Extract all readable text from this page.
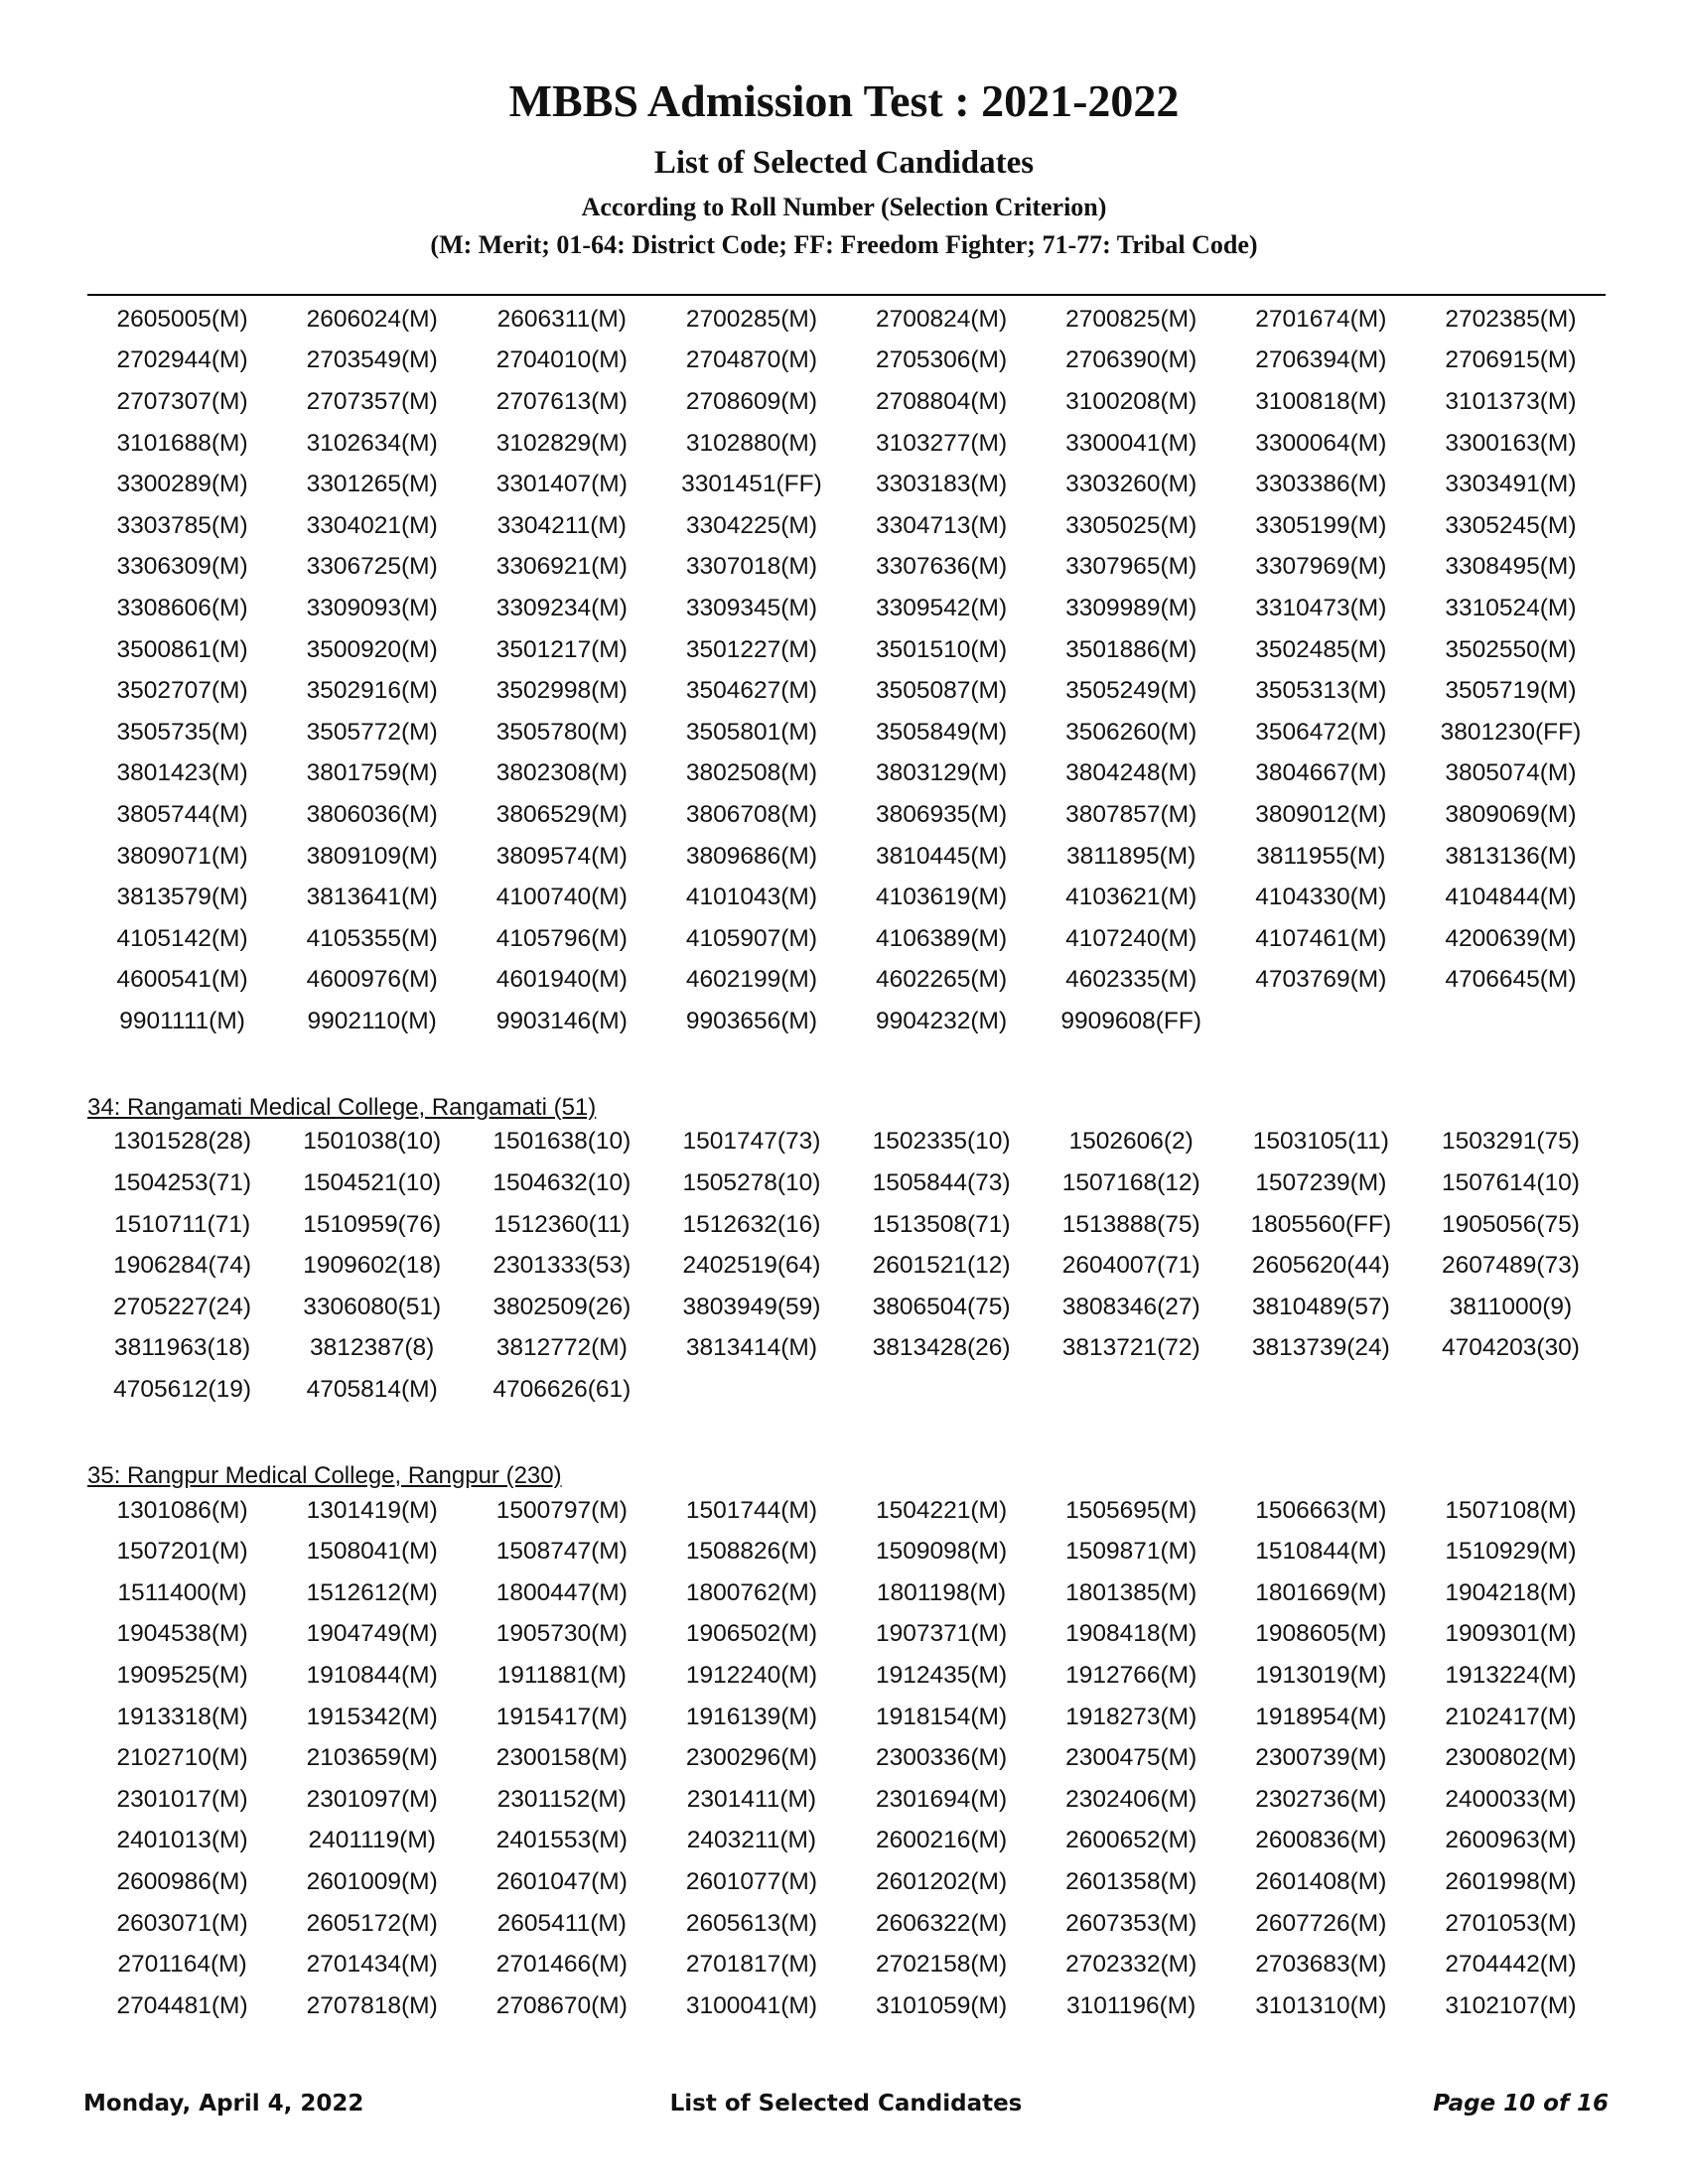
MBBS Admission Test : 2021-2022
List of Selected Candidates
According to Roll Number (Selection Criterion)
(M: Merit; 01-64: District Code; FF: Freedom Fighter; 71-77: Tribal Code)
2605005(M)	2606024(M)	2606311(M)	2700285(M)	2700824(M)	2700825(M)	2701674(M)	2702385(M)
2702944(M)	2703549(M)	2704010(M)	2704870(M)	2705306(M)	2706390(M)	2706394(M)	2706915(M)
2707307(M)	2707357(M)	2707613(M)	2708609(M)	2708804(M)	3100208(M)	3100818(M)	3101373(M)
3101688(M)	3102634(M)	3102829(M)	3102880(M)	3103277(M)	3300041(M)	3300064(M)	3300163(M)
3300289(M)	3301265(M)	3301407(M)	3301451(FF)	3303183(M)	3303260(M)	3303386(M)	3303491(M)
3303785(M)	3304021(M)	3304211(M)	3304225(M)	3304713(M)	3305025(M)	3305199(M)	3305245(M)
3306309(M)	3306725(M)	3306921(M)	3307018(M)	3307636(M)	3307965(M)	3307969(M)	3308495(M)
3308606(M)	3309093(M)	3309234(M)	3309345(M)	3309542(M)	3309989(M)	3310473(M)	3310524(M)
3500861(M)	3500920(M)	3501217(M)	3501227(M)	3501510(M)	3501886(M)	3502485(M)	3502550(M)
3502707(M)	3502916(M)	3502998(M)	3504627(M)	3505087(M)	3505249(M)	3505313(M)	3505719(M)
3505735(M)	3505772(M)	3505780(M)	3505801(M)	3505849(M)	3506260(M)	3506472(M)	3801230(FF)
3801423(M)	3801759(M)	3802308(M)	3802508(M)	3803129(M)	3804248(M)	3804667(M)	3805074(M)
3805744(M)	3806036(M)	3806529(M)	3806708(M)	3806935(M)	3807857(M)	3809012(M)	3809069(M)
3809071(M)	3809109(M)	3809574(M)	3809686(M)	3810445(M)	3811895(M)	3811955(M)	3813136(M)
3813579(M)	3813641(M)	4100740(M)	4101043(M)	4103619(M)	4103621(M)	4104330(M)	4104844(M)
4105142(M)	4105355(M)	4105796(M)	4105907(M)	4106389(M)	4107240(M)	4107461(M)	4200639(M)
4600541(M)	4600976(M)	4601940(M)	4602199(M)	4602265(M)	4602335(M)	4703769(M)	4706645(M)
9901111(M)	9902110(M)	9903146(M)	9903656(M)	9904232(M)	9909608(FF)
34: Rangamati Medical College, Rangamati (51)
1301528(28)	1501038(10)	1501638(10)	1501747(73)	1502335(10)	1502606(2)	1503105(11)	1503291(75)
1504253(71)	1504521(10)	1504632(10)	1505278(10)	1505844(73)	1507168(12)	1507239(M)	1507614(10)
1510711(71)	1510959(76)	1512360(11)	1512632(16)	1513508(71)	1513888(75)	1805560(FF)	1905056(75)
1906284(74)	1909602(18)	2301333(53)	2402519(64)	2601521(12)	2604007(71)	2605620(44)	2607489(73)
2705227(24)	3306080(51)	3802509(26)	3803949(59)	3806504(75)	3808346(27)	3810489(57)	3811000(9)
3811963(18)	3812387(8)	3812772(M)	3813414(M)	3813428(26)	3813721(72)	3813739(24)	4704203(30)
4705612(19)	4705814(M)	4706626(61)
35: Rangpur Medical College, Rangpur (230)
1301086(M)	1301419(M)	1500797(M)	1501744(M)	1504221(M)	1505695(M)	1506663(M)	1507108(M)
1507201(M)	1508041(M)	1508747(M)	1508826(M)	1509098(M)	1509871(M)	1510844(M)	1510929(M)
1511400(M)	1512612(M)	1800447(M)	1800762(M)	1801198(M)	1801385(M)	1801669(M)	1904218(M)
1904538(M)	1904749(M)	1905730(M)	1906502(M)	1907371(M)	1908418(M)	1908605(M)	1909301(M)
1909525(M)	1910844(M)	1911881(M)	1912240(M)	1912435(M)	1912766(M)	1913019(M)	1913224(M)
1913318(M)	1915342(M)	1915417(M)	1916139(M)	1918154(M)	1918273(M)	1918954(M)	2102417(M)
2102710(M)	2103659(M)	2300158(M)	2300296(M)	2300336(M)	2300475(M)	2300739(M)	2300802(M)
2301017(M)	2301097(M)	2301152(M)	2301411(M)	2301694(M)	2302406(M)	2302736(M)	2400033(M)
2401013(M)	2401119(M)	2401553(M)	2403211(M)	2600216(M)	2600652(M)	2600836(M)	2600963(M)
2600986(M)	2601009(M)	2601047(M)	2601077(M)	2601202(M)	2601358(M)	2601408(M)	2601998(M)
2603071(M)	2605172(M)	2605411(M)	2605613(M)	2606322(M)	2607353(M)	2607726(M)	2701053(M)
2701164(M)	2701434(M)	2701466(M)	2701817(M)	2702158(M)	2702332(M)	2703683(M)	2704442(M)
2704481(M)	2707818(M)	2708670(M)	3100041(M)	3101059(M)	3101196(M)	3101310(M)	3102107(M)
Monday, April 4, 2022	List of Selected Candidates	Page 10 of 16
